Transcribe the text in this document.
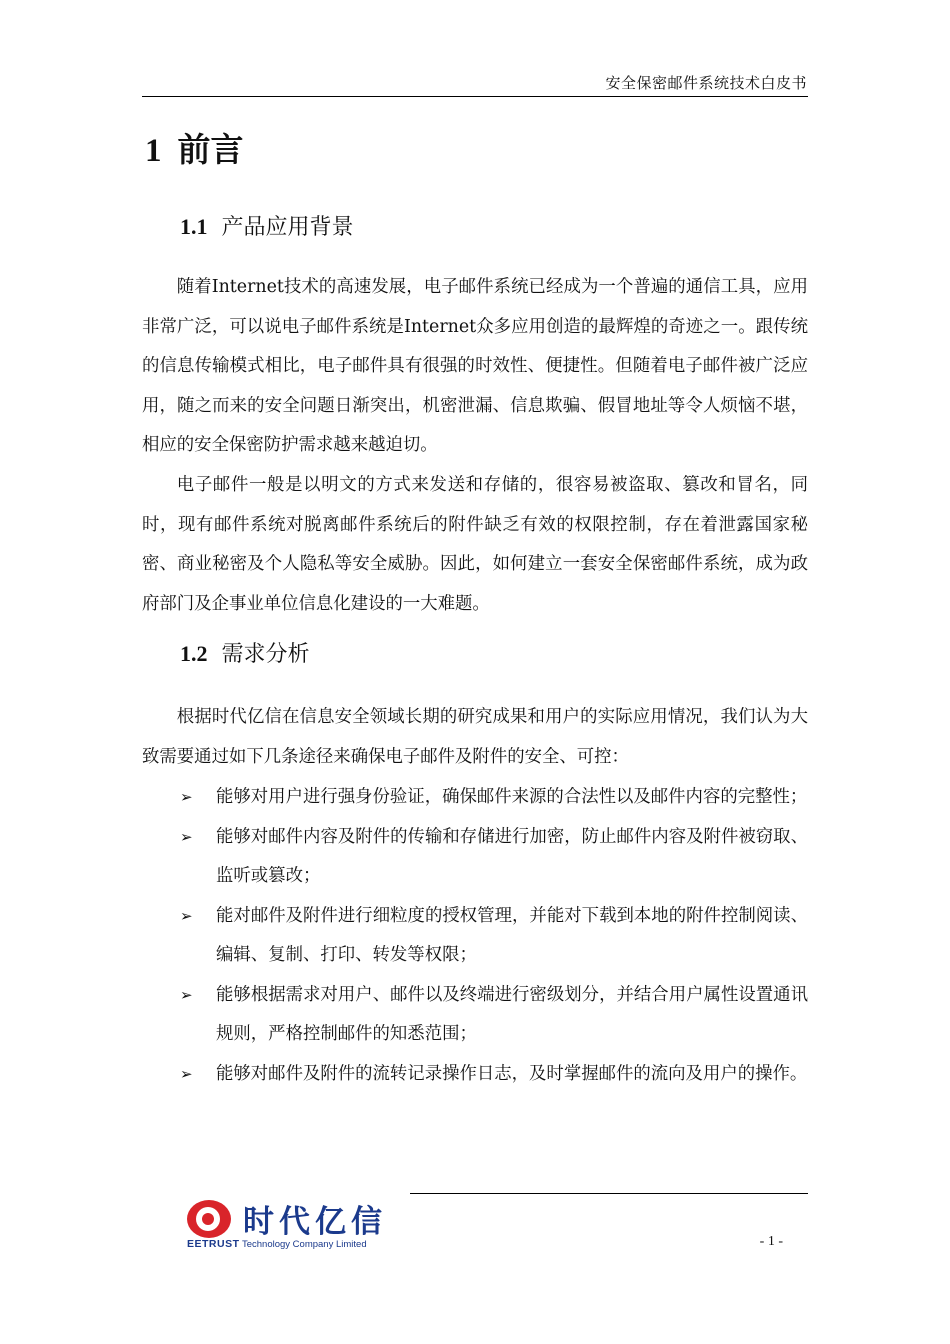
安全保密邮件系统技术白皮书
1 前言
1.1 产品应用背景

随着Internet技术的高速发展，电子邮件系统已经成为一个普遍的通信工具，应用非常广泛，可以说电子邮件系统是Internet众多应用创造的最辉煌的奇迹之一。跟传统的信息传输模式相比，电子邮件具有很强的时效性、便捷性。但随着电子邮件被广泛应用，随之而来的安全问题日渐突出，机密泄漏、信息欺骗、假冒地址等令人烦恼不堪，相应的安全保密防护需求越来越迫切。

电子邮件一般是以明文的方式来发送和存储的，很容易被盗取、篡改和冒名，同时，现有邮件系统对脱离邮件系统后的附件缺乏有效的权限控制，存在着泄露国家秘密、商业秘密及个人隐私等安全威胁。因此，如何建立一套安全保密邮件系统，成为政府部门及企事业单位信息化建设的一大难题。

1.2 需求分析

根据时代亿信在信息安全领域长期的研究成果和用户的实际应用情况，我们认为大致需要通过如下几条途径来确保电子邮件及附件的安全、可控：

➢ 能够对用户进行强身份验证，确保邮件来源的合法性以及邮件内容的完整性；
➢ 能够对邮件内容及附件的传输和存储进行加密，防止邮件内容及附件被窃取、监听或篡改；
➢ 能对邮件及附件进行细粒度的授权管理，并能对下载到本地的附件控制阅读、编辑、复制、打印、转发等权限；
➢ 能够根据需求对用户、邮件以及终端进行密级划分，并结合用户属性设置通讯规则，严格控制邮件的知悉范围；
➢ 能够对邮件及附件的流转记录操作日志，及时掌握邮件的流向及用户的操作。
时代亿信
EETRUST Technology Company Limited	- 1 -
